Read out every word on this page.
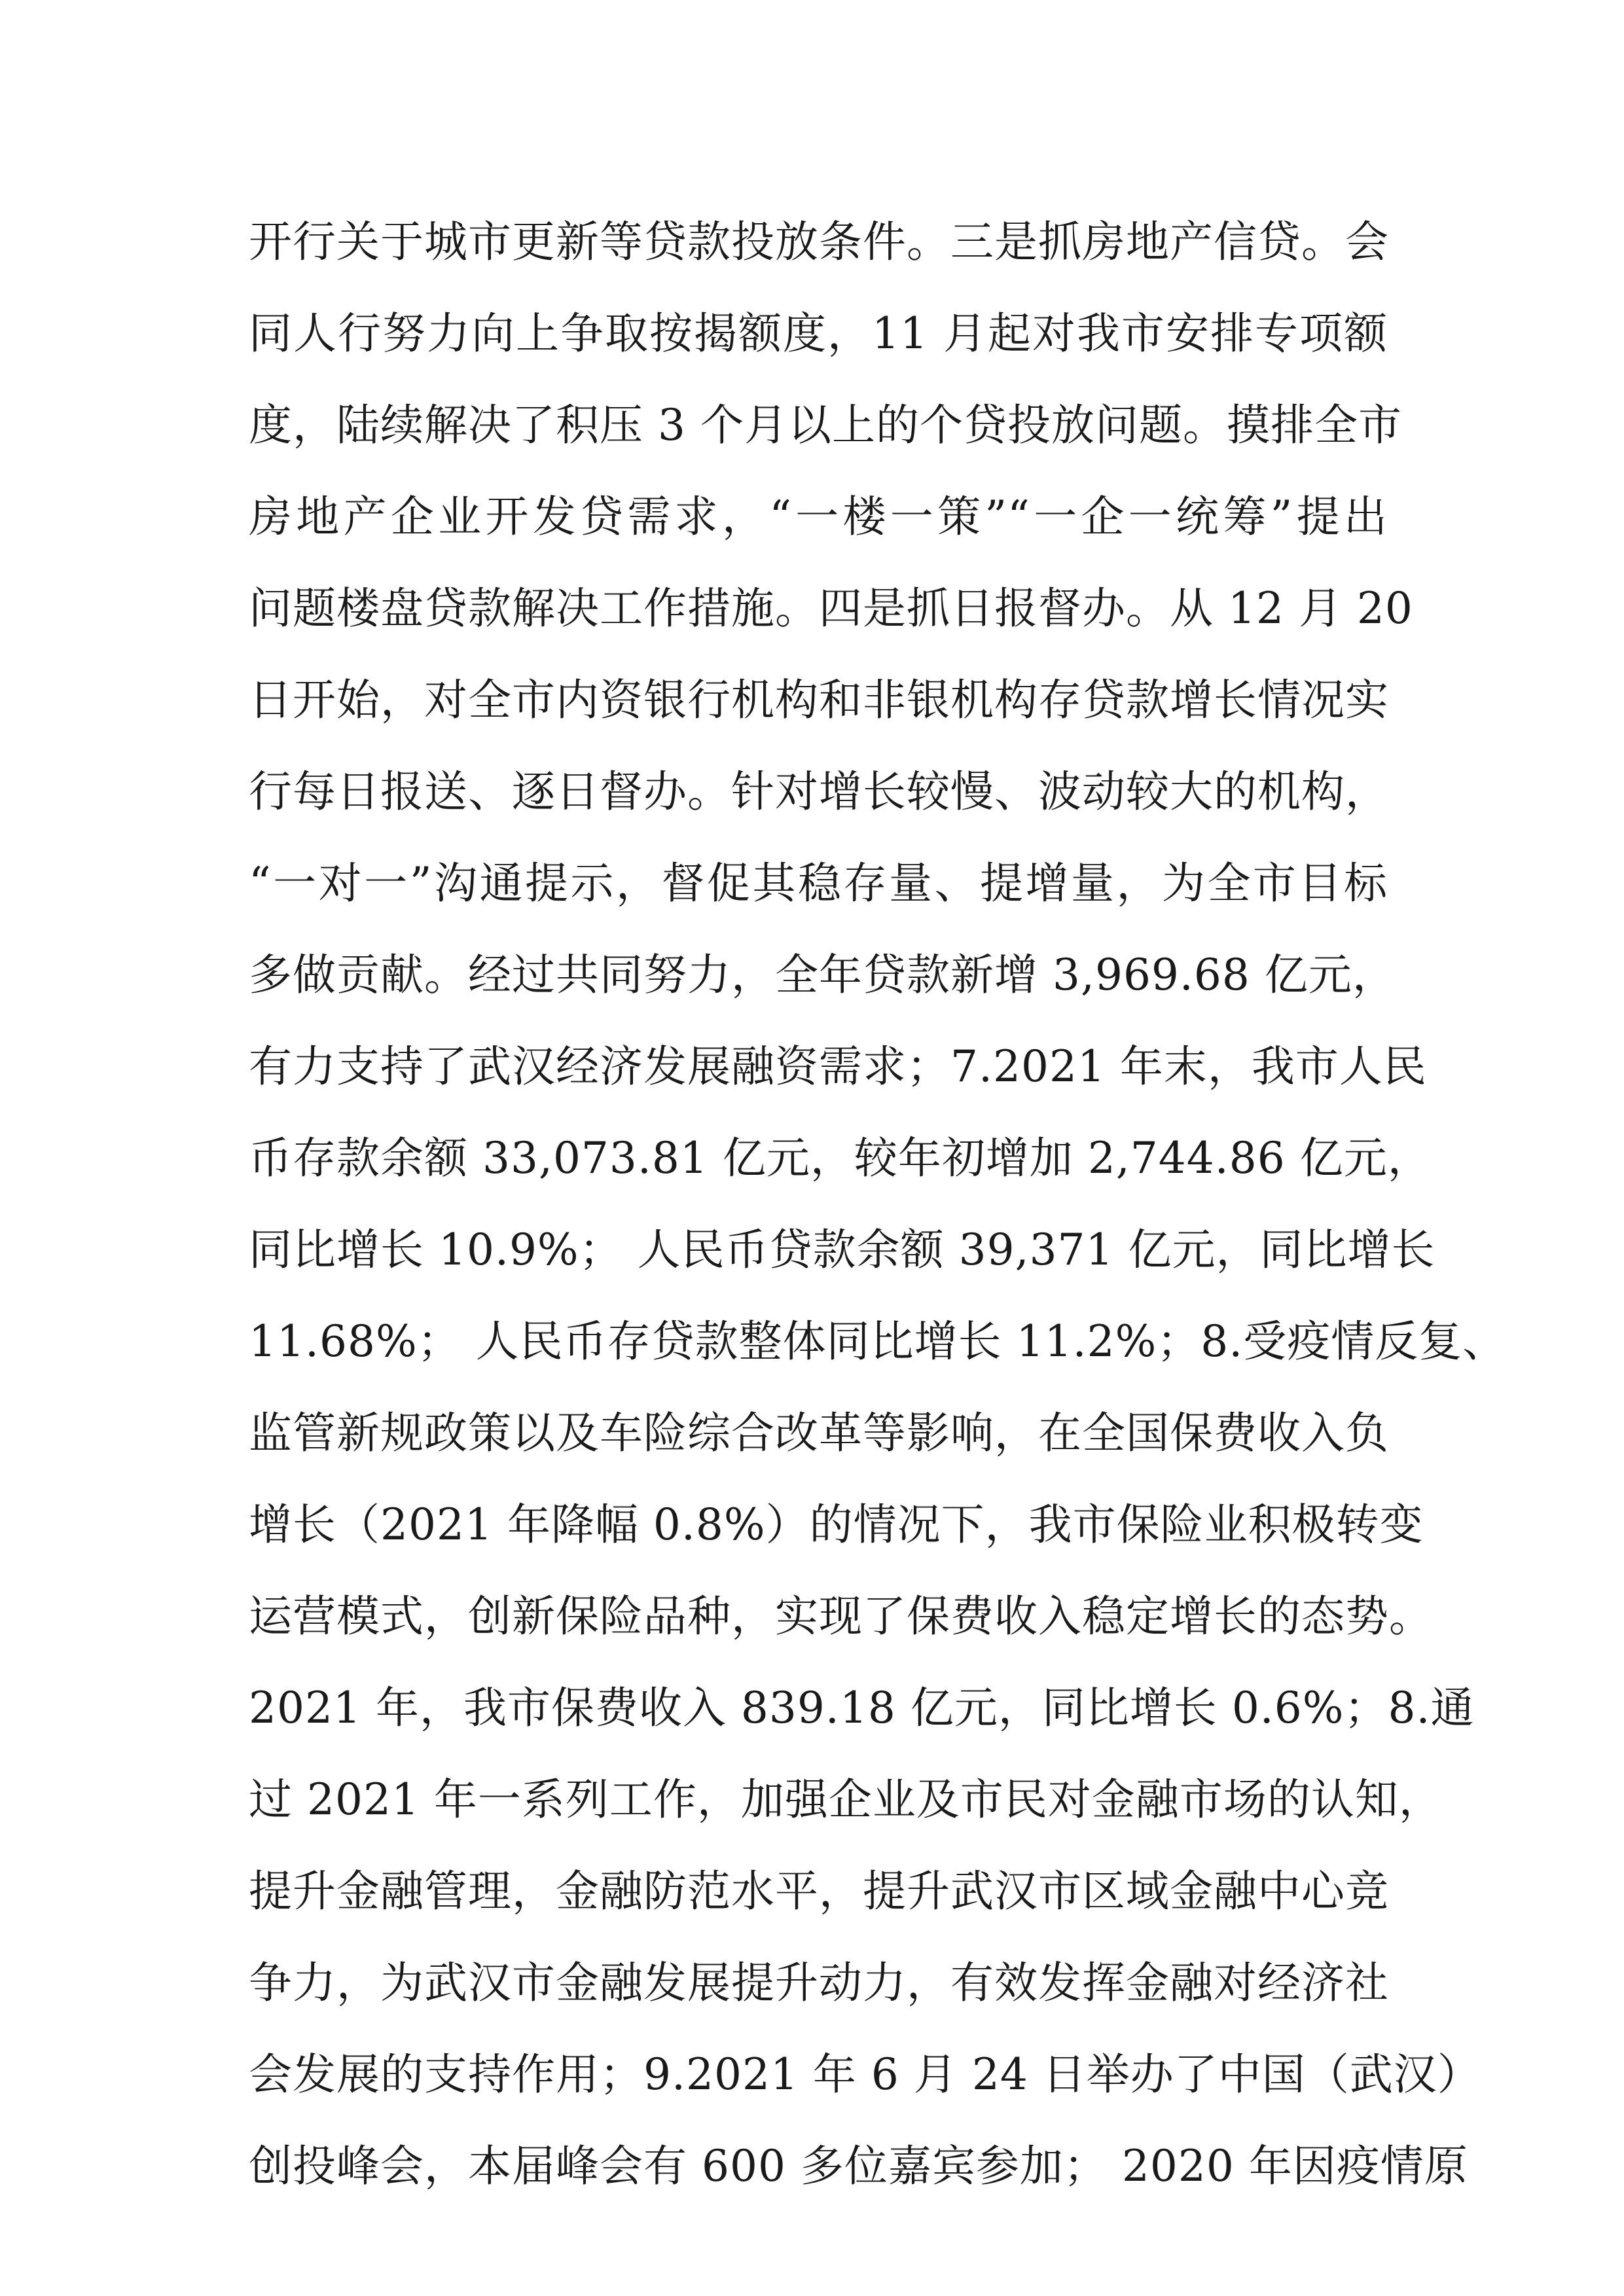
开行关于城市更新等贷款投放条件。三是抓房地产信贷。会
同人行努力向上争取按揭额度，11 月起对我市安排专项额
度，陆续解决了积压 3 个月以上的个贷投放问题。摸排全市
房地产企业开发贷需求，“一楼一策”“一企一统筹”提出
问题楼盘贷款解决工作措施。四是抓日报督办。从 12 月 20
日开始，对全市内资银行机构和非银机构存贷款增长情况实
行每日报送、逐日督办。针对增长较慢、波动较大的机构，
“一对一”沟通提示，督促其稳存量、提增量，为全市目标
多做贡献。经过共同努力，全年贷款新增 3,969.68 亿元，
有力支持了武汉经济发展融资需求；7.2021 年末，我市人民
币存款余额 33,073.81 亿元，较年初增加 2,744.86 亿元，
同比增长 10.9%； 人民币贷款余额 39,371 亿元，同比增长
11.68%； 人民币存贷款整体同比增长 11.2%；8.受疫情反复、
监管新规政策以及车险综合改革等影响，在全国保费收入负
增长（2021 年降幅 0.8%）的情况下，我市保险业积极转变
运营模式，创新保险品种，实现了保费收入稳定增长的态势。
2021 年，我市保费收入 839.18 亿元，同比增长 0.6%；8.通
过 2021 年一系列工作，加强企业及市民对金融市场的认知，
提升金融管理，金融防范水平，提升武汉市区域金融中心竞
争力，为武汉市金融发展提升动力，有效发挥金融对经济社
会发展的支持作用；9.2021 年 6 月 24 日举办了中国（武汉）
创投峰会，本届峰会有 600 多位嘉宾参加； 2020 年因疫情原
